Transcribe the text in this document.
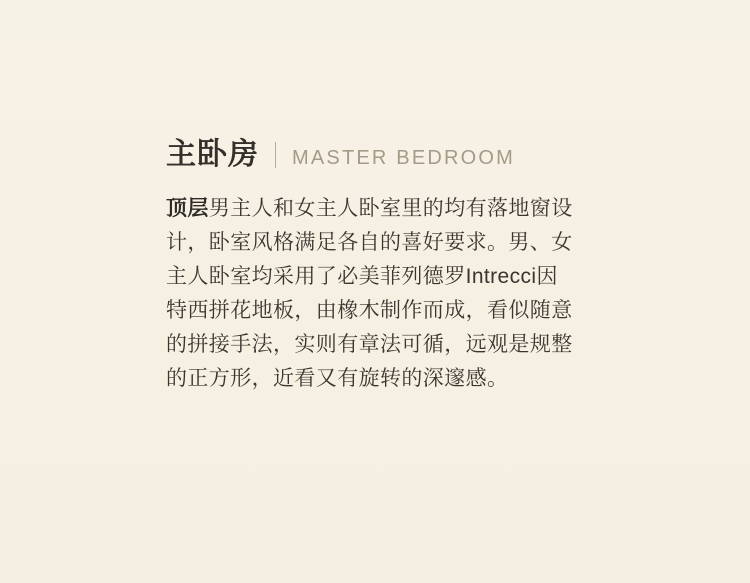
主卧房 MASTER BEDROOM

顶层男主人和女主人卧室里的均有落地窗设计，卧室风格满足各自的喜好要求。男、女主人卧室均采用了必美菲列德罗Intrecci因特西拼花地板，由橡木制作而成，看似随意的拼接手法，实则有章法可循，远观是规整的正方形，近看又有旋转的深邃感。
